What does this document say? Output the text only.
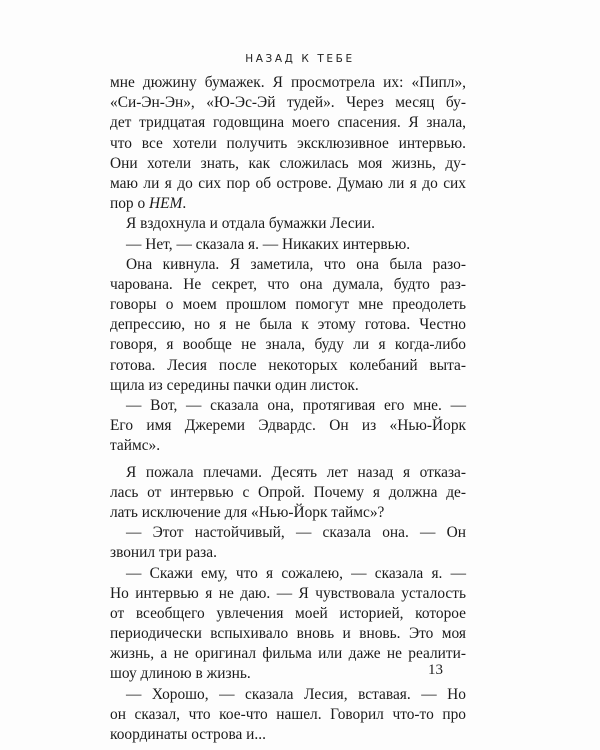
НАЗАД К ТЕБЕ
мне дюжину бумажек. Я просмотрела их: «Пипл»,
«Си-Эн-Эн», «Ю-Эс-Эй тудей». Через месяц бу-
дет тридцатая годовщина моего спасения. Я знала,
что все хотели получить эксклюзивное интервью.
Они хотели знать, как сложилась моя жизнь, ду-
маю ли я до сих пор об острове. Думаю ли я до сих
пор о НЕМ.
Я вздохнула и отдала бумажки Лесии.
— Нет, — сказала я. — Никаких интервью.
Она кивнула. Я заметила, что она была разо-
чарована. Не секрет, что она думала, будто раз-
говоры о моем прошлом помогут мне преодолеть
депрессию, но я не была к этому готова. Честно
говоря, я вообще не знала, буду ли я когда-либо
готова. Лесия после некоторых колебаний выта-
щила из середины пачки один листок.
— Вот, — сказала она, протягивая его мне. —
Его имя Джереми Эдвардс. Он из «Нью-Йорк
таймс».
Я пожала плечами. Десять лет назад я отказа-
лась от интервью с Опрой. Почему я должна де-
лать исключение для «Нью-Йорк таймс»?
— Этот настойчивый, — сказала она. — Он
звонил три раза.
— Скажи ему, что я сожалею, — сказала я. —
Но интервью я не даю. — Я чувствовала усталость
от всеобщего увлечения моей историей, которое
периодически вспыхивало вновь и вновь. Это моя
жизнь, а не оригинал фильма или даже не реалити-
шоу длиною в жизнь.
— Хорошо, — сказала Лесия, вставая. — Но
он сказал, что кое-что нашел. Говорил что-то про
координаты острова и...
13
